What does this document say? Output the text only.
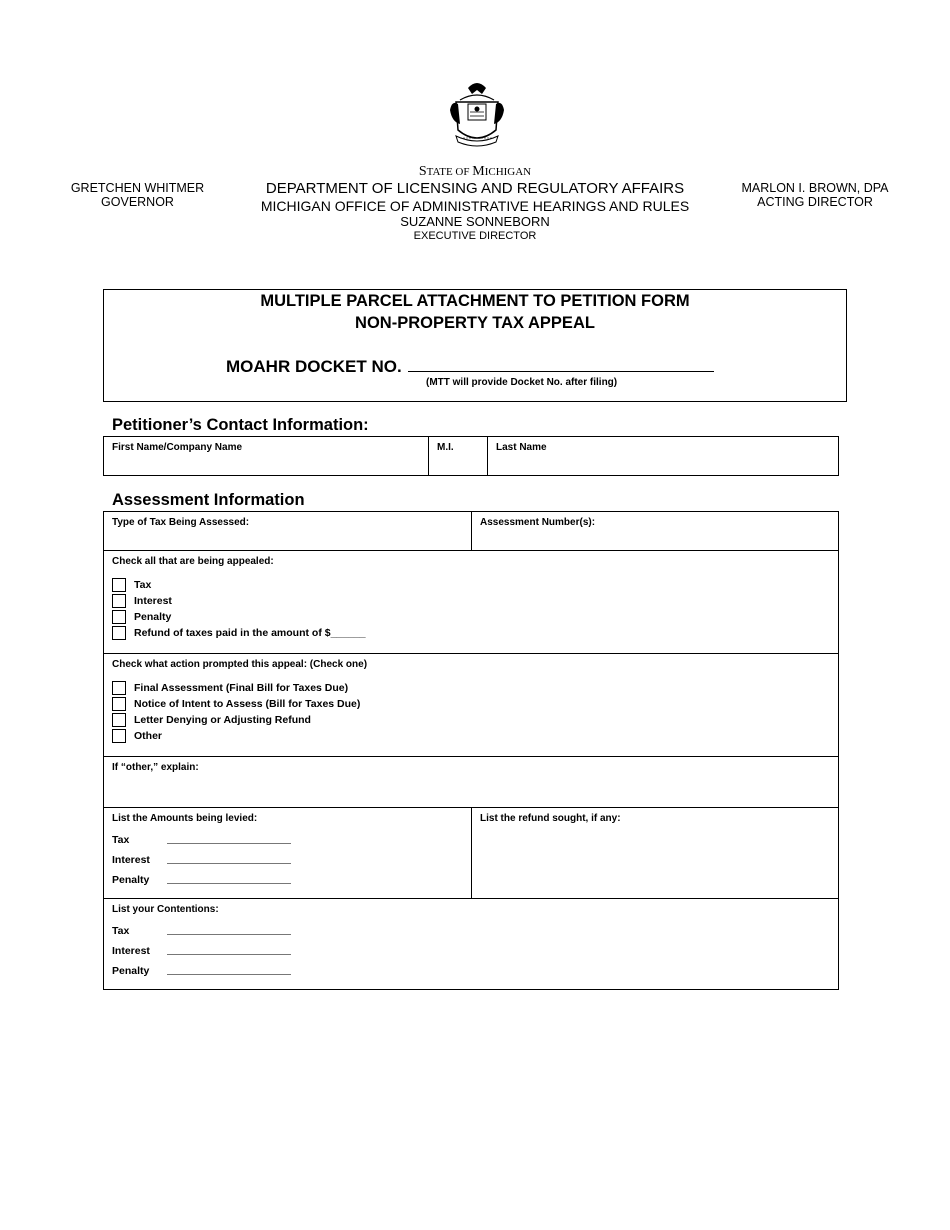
GRETCHEN WHITMER
GOVERNOR
STATE OF MICHIGAN
DEPARTMENT OF LICENSING AND REGULATORY AFFAIRS
MICHIGAN OFFICE OF ADMINISTRATIVE HEARINGS AND RULES
SUZANNE SONNEBORN
EXECUTIVE DIRECTOR
MARLON I. BROWN, DPA
ACTING DIRECTOR
MULTIPLE PARCEL ATTACHMENT TO PETITION FORM
NON-PROPERTY TAX APPEAL
MOAHR DOCKET NO.
(MTT will provide Docket No. after filing)
Petitioner’s Contact Information:
First Name/Company Name	M.I.	Last Name
Assessment Information
Type of Tax Being Assessed:	Assessment Number(s):
Check all that are being appealed:
Tax
Interest
Penalty
Refund of taxes paid in the amount of $______
Check what action prompted this appeal: (Check one)
Final Assessment (Final Bill for Taxes Due)
Notice of Intent to Assess (Bill for Taxes Due)
Letter Denying or Adjusting Refund
Other
If “other,” explain:
List the Amounts being levied:
Tax
Interest
Penalty
List the refund sought, if any:
List your Contentions:
Tax
Interest
Penalty
